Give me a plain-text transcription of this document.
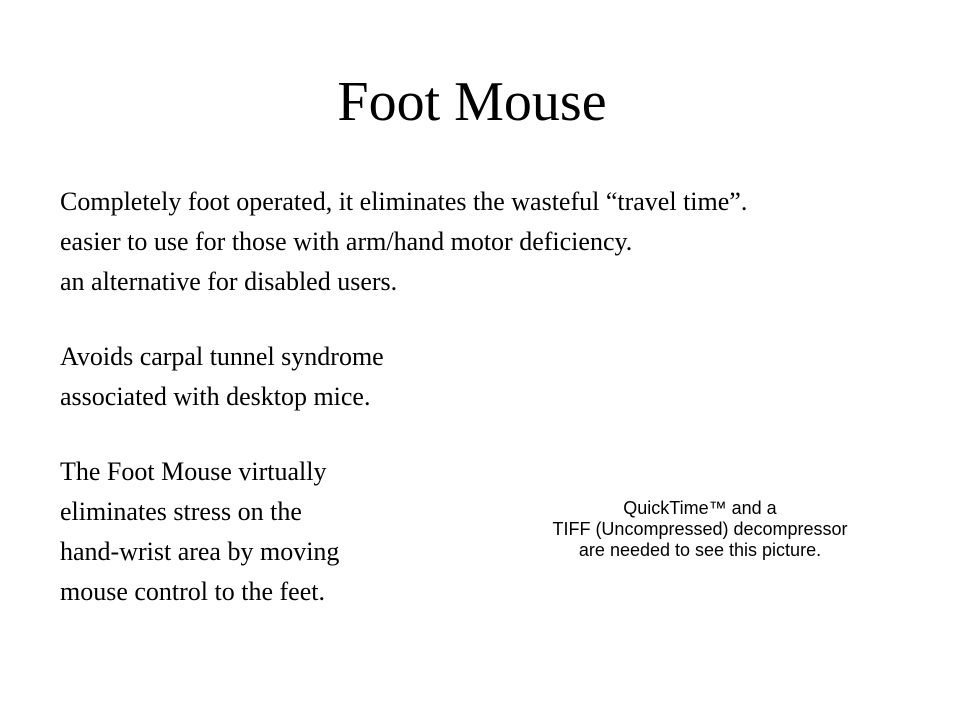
Foot Mouse

Completely foot operated, it eliminates the wasteful “travel time”.
easier to use for those with arm/hand motor deficiency.
an alternative for disabled users.

Avoids carpal tunnel syndrome
associated with desktop mice.

The Foot Mouse virtually
eliminates stress on the
hand-wrist area by moving
mouse control to the feet.

QuickTime™ and a
TIFF (Uncompressed) decompressor
are needed to see this picture.
